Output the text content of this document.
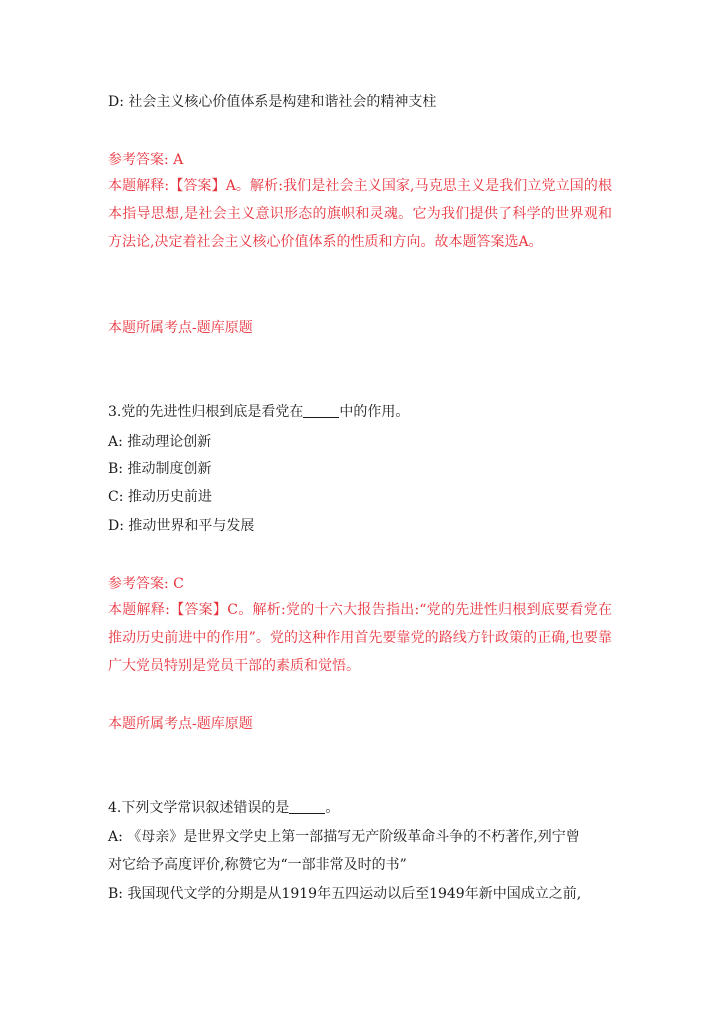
D: 社会主义核心价值体系是构建和谐社会的精神支柱
参考答案: A
本题解释:【答案】A。解析:我们是社会主义国家,马克思主义是我们立党立国的根本指导思想,是社会主义意识形态的旗帜和灵魂。它为我们提供了科学的世界观和方法论,决定着社会主义核心价值体系的性质和方向。故本题答案选A。
本题所属考点-题库原题
3.党的先进性归根到底是看党在	中的作用。
A: 推动理论创新
B: 推动制度创新
C: 推动历史前进
D: 推动世界和平与发展
参考答案: C
本题解释:【答案】C。解析:党的十六大报告指出:“党的先进性归根到底要看党在推动历史前进中的作用”。党的这种作用首先要靠党的路线方针政策的正确,也要靠广大党员特别是党员干部的素质和觉悟。
本题所属考点-题库原题
4.下列文学常识叙述错误的是	。
A: 《母亲》是世界文学史上第一部描写无产阶级革命斗争的不朽著作,列宁曾
对它给予高度评价,称赞它为“一部非常及时的书”
B: 我国现代文学的分期是从1919年五四运动以后至1949年新中国成立之前,
